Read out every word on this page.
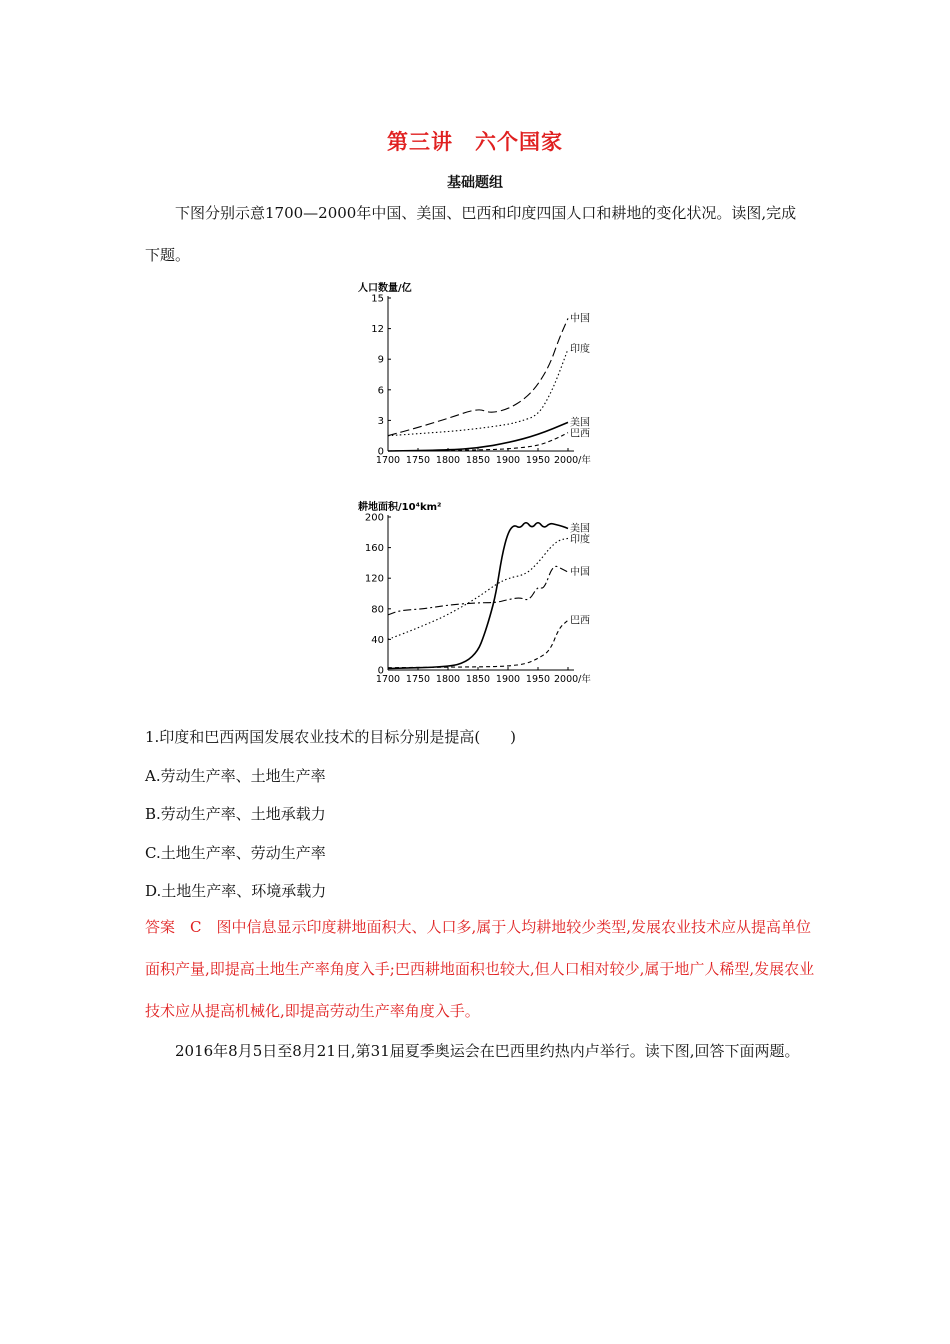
第三讲　六个国家
基础题组
下图分别示意1700—2000年中国、美国、巴西和印度四国人口和耕地的变化状况。读图,完成下题。
人口数量/亿
0
3
6
9
12
15
1700 1750 1800 1850 1900 1950 2000/年
中国
印度
美国
巴西
耕地面积/10⁴km²
0
40
80
120
160
200
1700 1750 1800 1850 1900 1950 2000/年
美国
印度
中国
巴西
1.印度和巴西两国发展农业技术的目标分别是提高(　　)
A.劳动生产率、土地生产率
B.劳动生产率、土地承载力
C.土地生产率、劳动生产率
D.土地生产率、环境承载力
答案　C　图中信息显示印度耕地面积大、人口多,属于人均耕地较少类型,发展农业技术应从提高单位面积产量,即提高土地生产率角度入手;巴西耕地面积也较大,但人口相对较少,属于地广人稀型,发展农业技术应从提高机械化,即提高劳动生产率角度入手。
2016年8月5日至8月21日,第31届夏季奥运会在巴西里约热内卢举行。读下图,回答下面两题。
